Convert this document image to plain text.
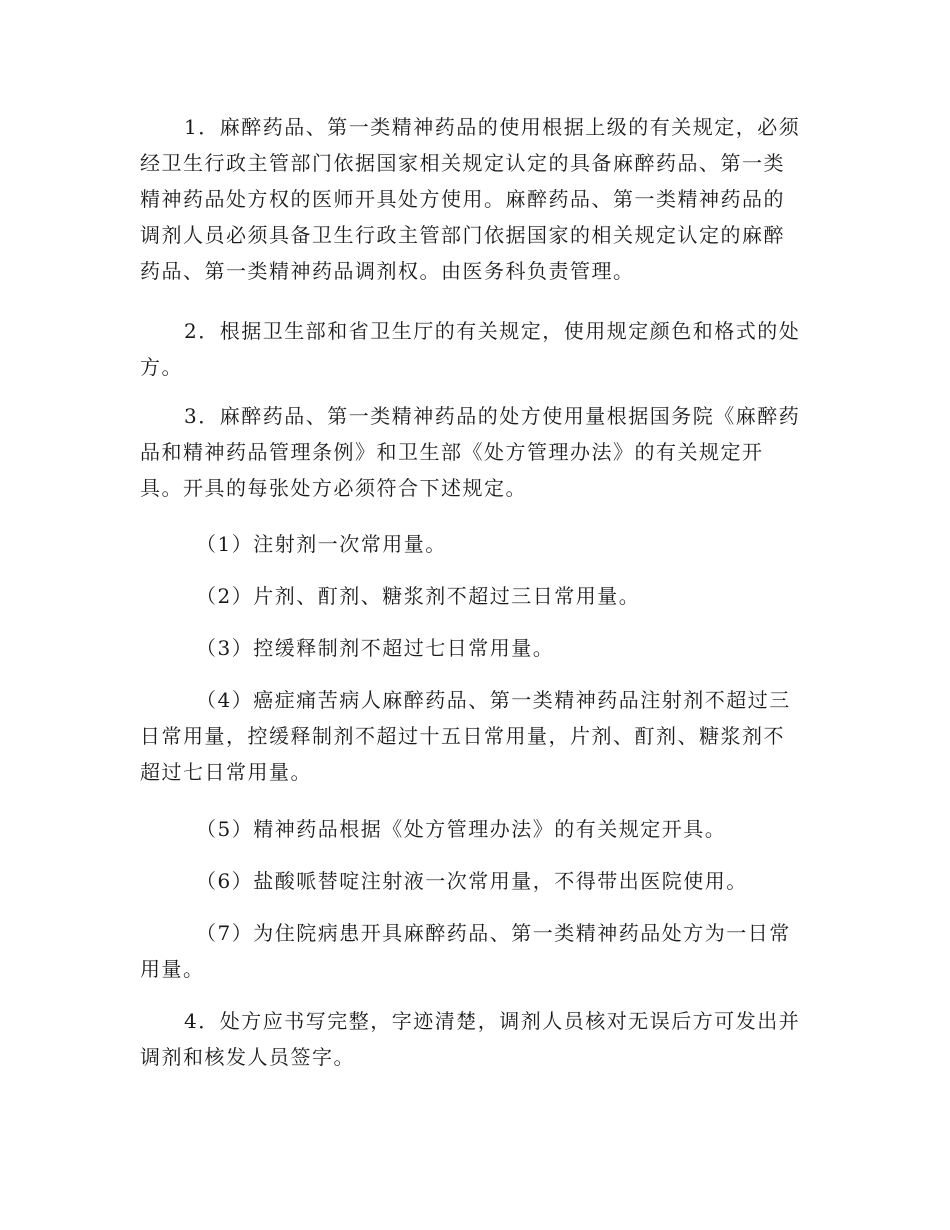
1．麻醉药品、第一类精神药品的使用根据上级的有关规定，必须
经卫生行政主管部门依据国家相关规定认定的具备麻醉药品、第一类
精神药品处方权的医师开具处方使用。麻醉药品、第一类精神药品的
调剂人员必须具备卫生行政主管部门依据国家的相关规定认定的麻醉
药品、第一类精神药品调剂权。由医务科负责管理。
2．根据卫生部和省卫生厅的有关规定，使用规定颜色和格式的处
方。
3．麻醉药品、第一类精神药品的处方使用量根据国务院《麻醉药
品和精神药品管理条例》和卫生部《处方管理办法》的有关规定开
具。开具的每张处方必须符合下述规定。
（1）注射剂一次常用量。
（2）片剂、酊剂、糖浆剂不超过三日常用量。
（3）控缓释制剂不超过七日常用量。
（4）癌症痛苦病人麻醉药品、第一类精神药品注射剂不超过三
日常用量，控缓释制剂不超过十五日常用量，片剂、酊剂、糖浆剂不
超过七日常用量。
（5）精神药品根据《处方管理办法》的有关规定开具。
（6）盐酸哌替啶注射液一次常用量，不得带出医院使用。
（7）为住院病患开具麻醉药品、第一类精神药品处方为一日常
用量。
4．处方应书写完整，字迹清楚，调剂人员核对无误后方可发出并
调剂和核发人员签字。
